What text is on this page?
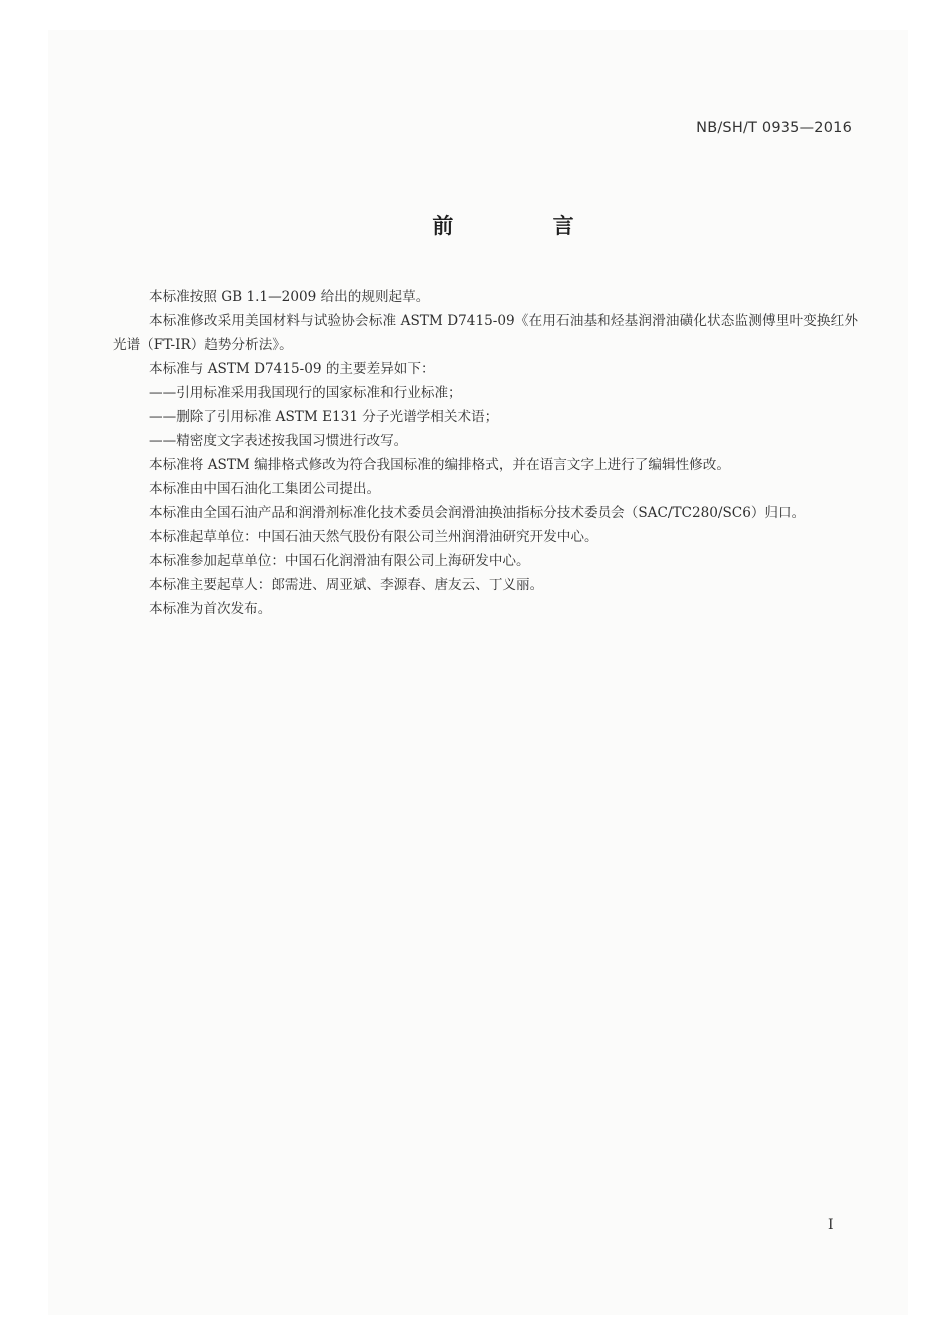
NB/SH/T 0935—2016
前 言

本标准按照 GB 1.1—2009 给出的规则起草。

本标准修改采用美国材料与试验协会标准 ASTM D7415-09《在用石油基和烃基润滑油磺化状态监测傅里叶变换红外光谱（FT-IR）趋势分析法》。

本标准与 ASTM D7415-09 的主要差异如下：

——引用标准采用我国现行的国家标准和行业标准；

——删除了引用标准 ASTM E131 分子光谱学相关术语；

——精密度文字表述按我国习惯进行改写。

本标准将 ASTM 编排格式修改为符合我国标准的编排格式，并在语言文字上进行了编辑性修改。

本标准由中国石油化工集团公司提出。

本标准由全国石油产品和润滑剂标准化技术委员会润滑油换油指标分技术委员会（SAC/TC280/SC6）归口。

本标准起草单位：中国石油天然气股份有限公司兰州润滑油研究开发中心。

本标准参加起草单位：中国石化润滑油有限公司上海研发中心。

本标准主要起草人：郎需进、周亚斌、李源春、唐友云、丁义丽。

本标准为首次发布。

I
